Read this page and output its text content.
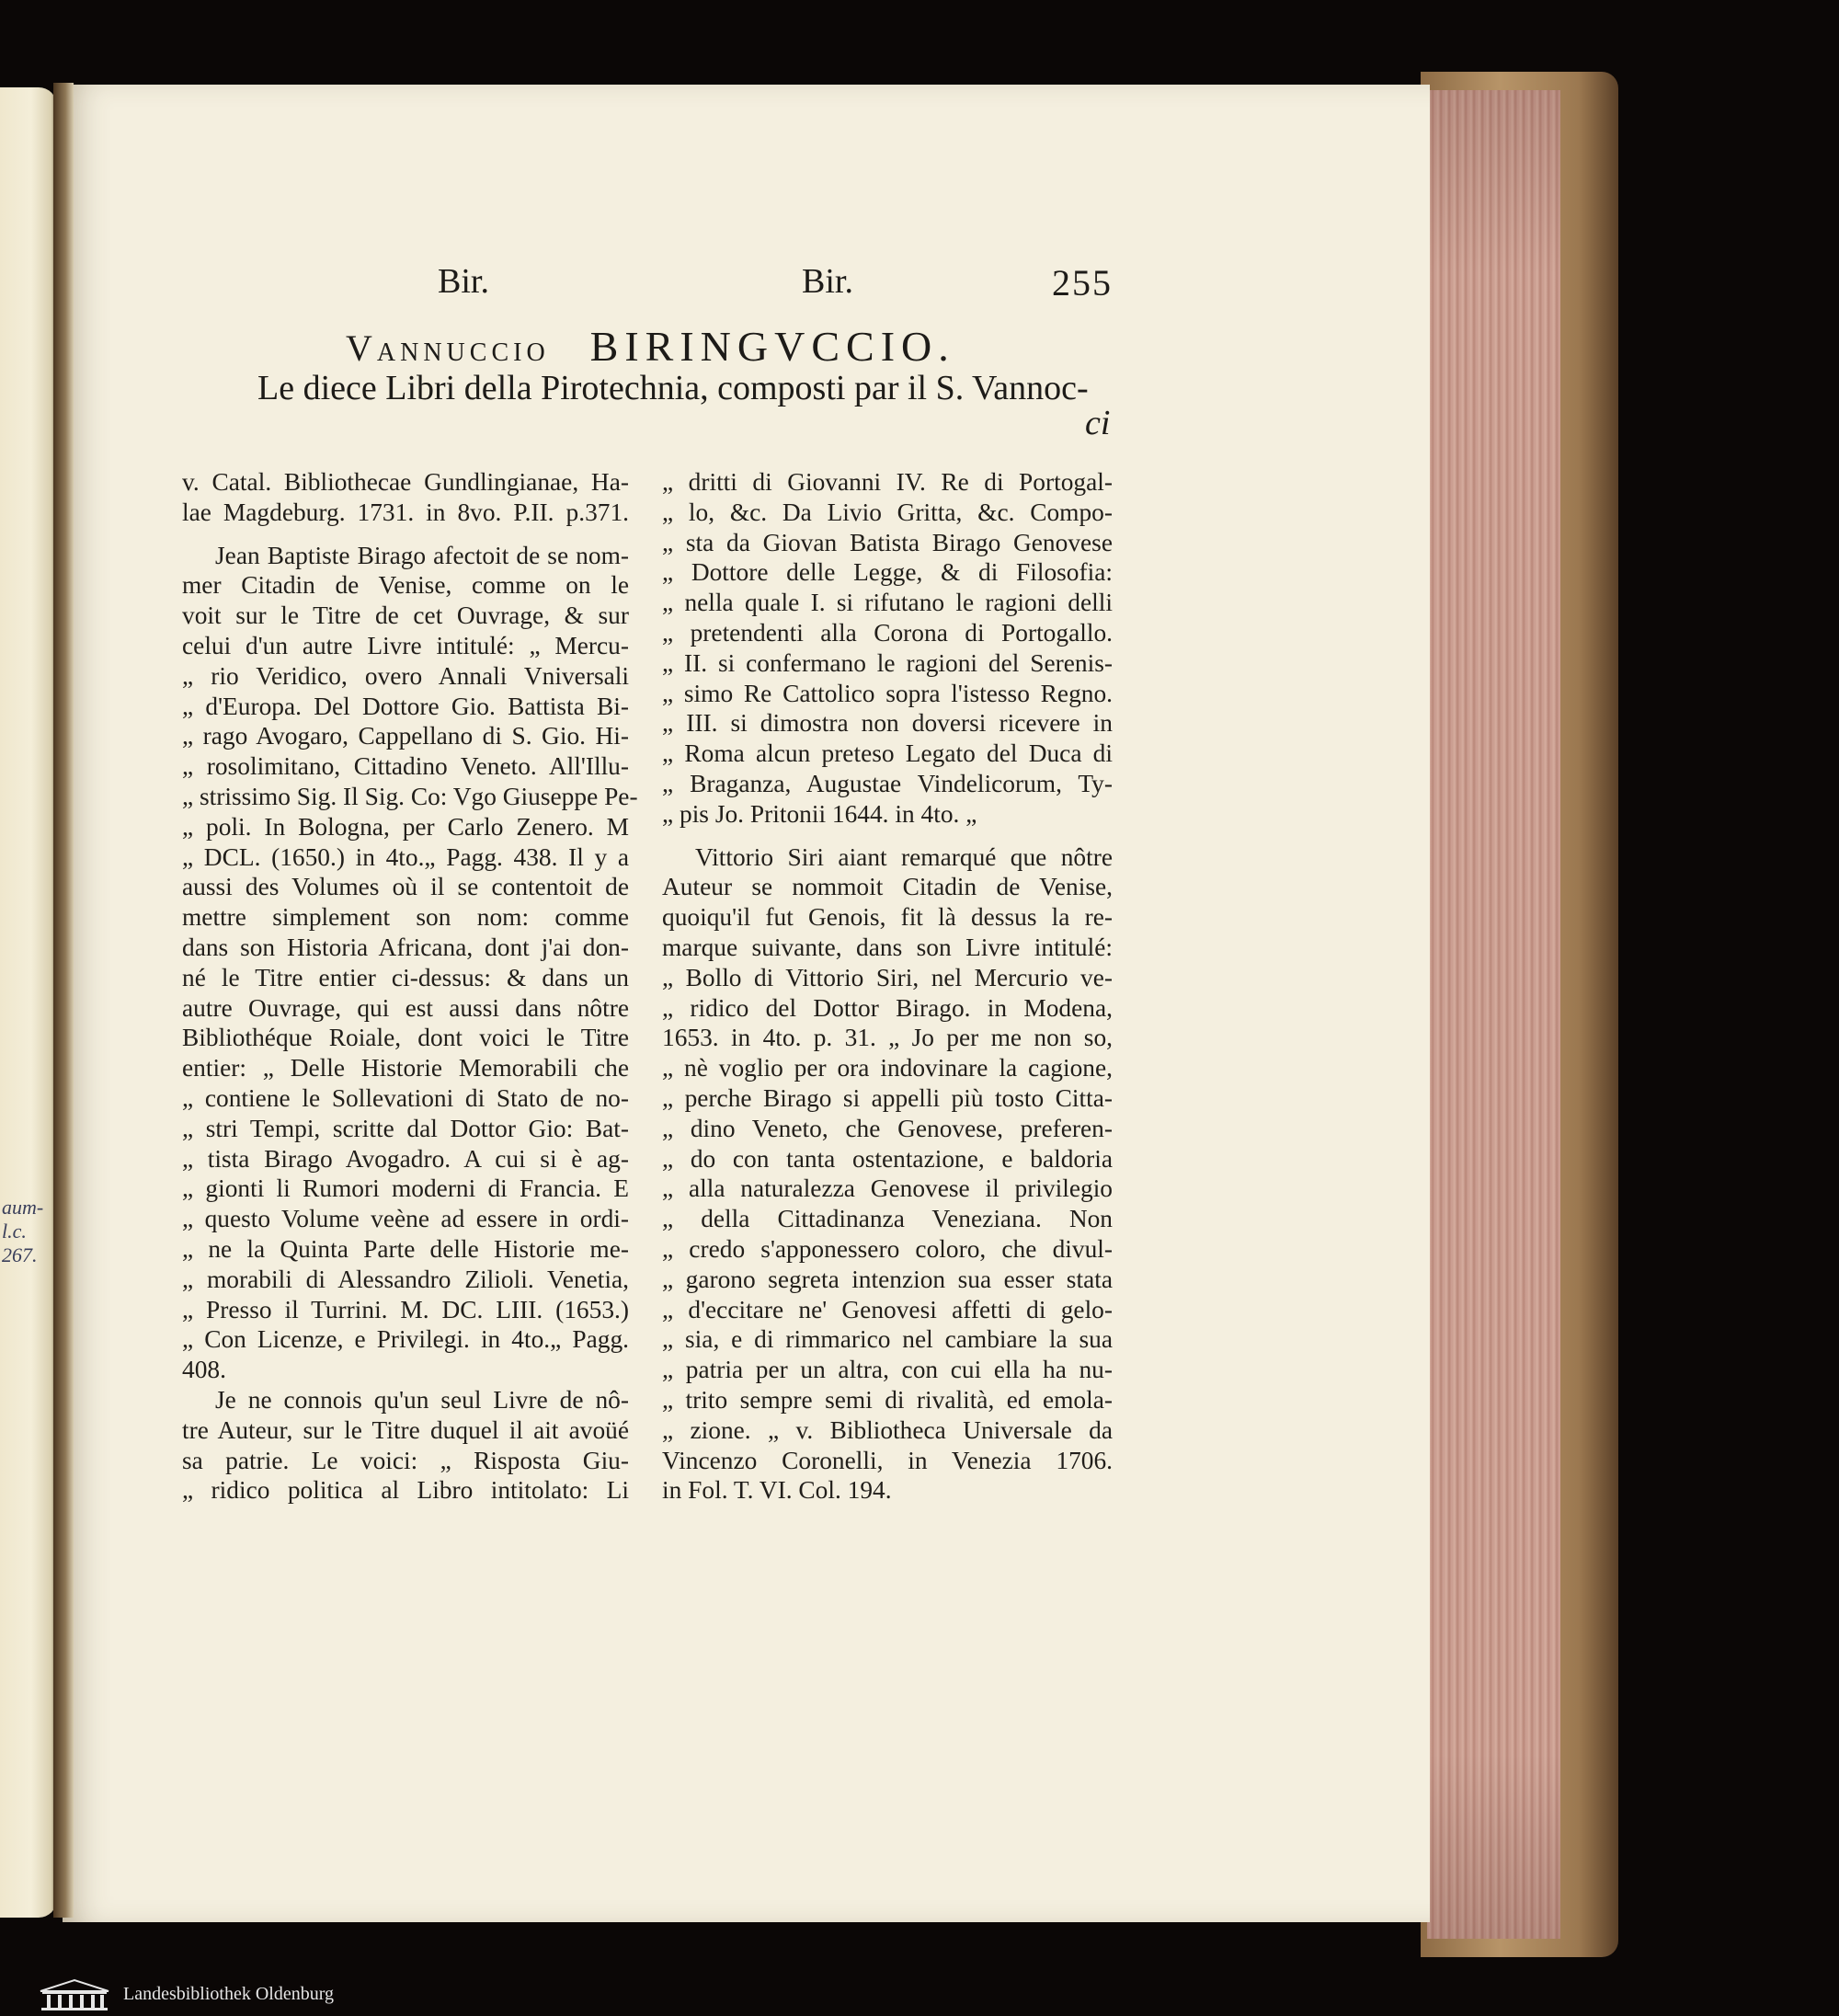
aum-
l.c.
267.
Bir.	Bir.	255
Vannuccio BIRINGVCCIO.
Le diece Libri della Pirotechnia, composti par il S. Vannoc-
ci
v. Catal. Bibliothecae Gundlingianae, Ha-
lae Magdeburg. 1731. in 8vo. P.II. p.371.
Jean Baptiste Birago afectoit de se nom-
mer Citadin de Venise, comme on le
voit sur le Titre de cet Ouvrage, & sur
celui d'un autre Livre intitulé: „ Mercu-
„ rio Veridico, overo Annali Vniversali
„ d'Europa. Del Dottore Gio. Battista Bi-
„ rago Avogaro, Cappellano di S. Gio. Hi-
„ rosolimitano, Cittadino Veneto. All'Illu-
„ strissimo Sig. Il Sig. Co: Vgo Giuseppe Pe-
„ poli. In Bologna, per Carlo Zenero. M
„ DCL. (1650.) in 4to.„ Pagg. 438. Il y a
aussi des Volumes où il se contentoit de
mettre simplement son nom: comme
dans son Historia Africana, dont j'ai don-
né le Titre entier ci-dessus: & dans un
autre Ouvrage, qui est aussi dans nôtre
Bibliothéque Roiale, dont voici le Titre
entier: „ Delle Historie Memorabili che
„ contiene le Sollevationi di Stato de no-
„ stri Tempi, scritte dal Dottor Gio: Bat-
„ tista Birago Avogadro. A cui si è ag-
„ gionti li Rumori moderni di Francia. E
„ questo Volume veène ad essere in ordi-
„ ne la Quinta Parte delle Historie me-
„ morabili di Alessandro Zilioli. Venetia,
„ Presso il Turrini. M. DC. LIII. (1653.)
„ Con Licenze, e Privilegi. in 4to.„ Pagg.
408.
Je ne connois qu'un seul Livre de nô-
tre Auteur, sur le Titre duquel il ait avoüé
sa patrie. Le voici: „ Risposta Giu-
„ ridico politica al Libro intitolato: Li
„ dritti di Giovanni IV. Re di Portogal-
„ lo, &c. Da Livio Gritta, &c. Compo-
„ sta da Giovan Batista Birago Genovese
„ Dottore delle Legge, & di Filosofia:
„ nella quale I. si rifutano le ragioni delli
„ pretendenti alla Corona di Portogallo.
„ II. si confermano le ragioni del Serenis-
„ simo Re Cattolico sopra l'istesso Regno.
„ III. si dimostra non doversi ricevere in
„ Roma alcun preteso Legato del Duca di
„ Braganza, Augustae Vindelicorum, Ty-
„ pis Jo. Pritonii 1644. in 4to. „
Vittorio Siri aiant remarqué que nôtre
Auteur se nommoit Citadin de Venise,
quoiqu'il fut Genois, fit là dessus la re-
marque suivante, dans son Livre intitulé:
„ Bollo di Vittorio Siri, nel Mercurio ve-
„ ridico del Dottor Birago. in Modena,
1653. in 4to. p. 31. „ Jo per me non so,
„ nè voglio per ora indovinare la cagione,
„ perche Birago si appelli più tosto Citta-
„ dino Veneto, che Genovese, preferen-
„ do con tanta ostentazione, e baldoria
„ alla naturalezza Genovese il privilegio
„ della Cittadinanza Veneziana. Non
„ credo s'apponessero coloro, che divul-
„ garono segreta intenzion sua esser stata
„ d'eccitare ne' Genovesi affetti di gelo-
„ sia, e di rimmarico nel cambiare la sua
„ patria per un altra, con cui ella ha nu-
„ trito sempre semi di rivalità, ed emola-
„ zione. „ v. Bibliotheca Universale da
Vincenzo Coronelli, in Venezia 1706.
in Fol. T. VI. Col. 194.
Landesbibliothek Oldenburg
